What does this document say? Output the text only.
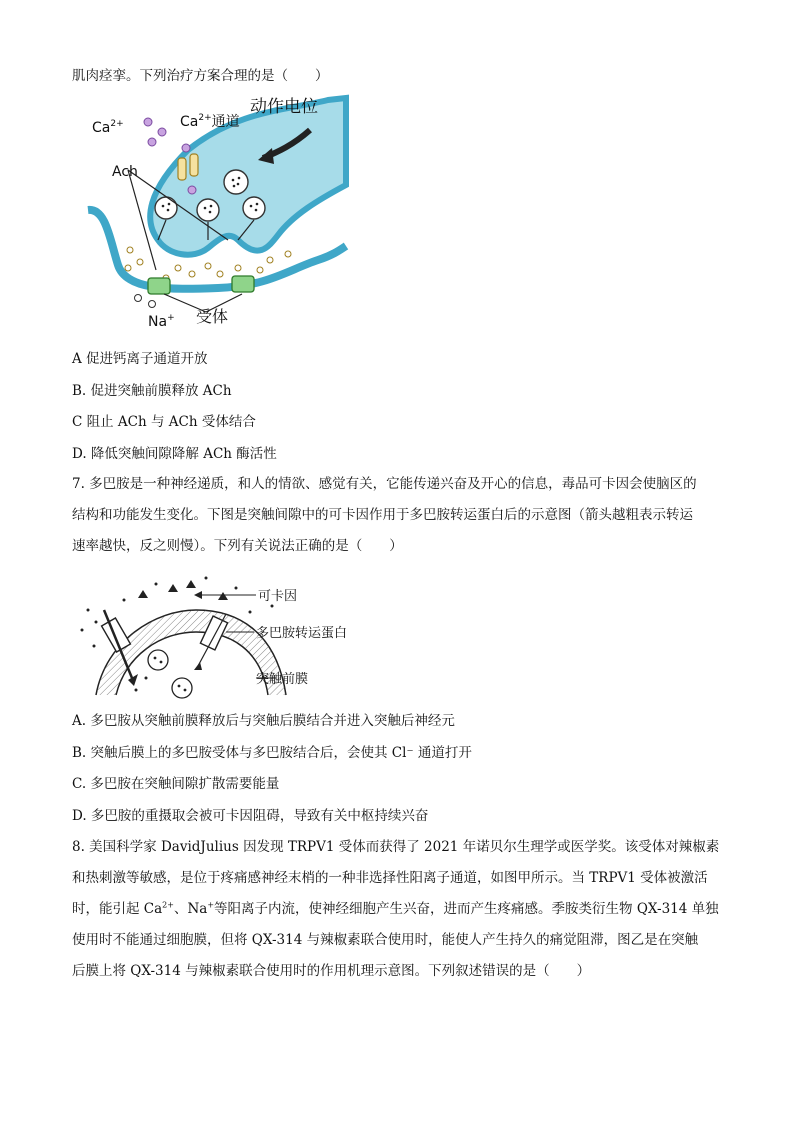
肌肉痉挛。下列治疗方案合理的是（　　）
$Ca^{2+}$	$Ca^{2+}$通道
动作电位
Ach
Na+ 受体
A 促进钙离子通道开放
B. 促进突触前膜释放 ACh
C 阻止 ACh 与 ACh 受体结合
D. 降低突触间隙降解 ACh 酶活性
7. 多巴胺是一种神经递质，和人的情欲、感觉有关，它能传递兴奋及开心的信息，毒品可卡因会使脑区的
结构和功能发生变化。下图是突触间隙中的可卡因作用于多巴胺转运蛋白后的示意图（箭头越粗表示转运
速率越快，反之则慢）。下列有关说法正确的是（　　）
可卡因
多巴胺转运蛋白
突触前膜
A. 多巴胺从突触前膜释放后与突触后膜结合并进入突触后神经元
B. 突触后膜上的多巴胺受体与多巴胺结合后，会使其 Cl⁻ 通道打开
C. 多巴胺在突触间隙扩散需要能量
D. 多巴胺的重摄取会被可卡因阻碍，导致有关中枢持续兴奋
8. 美国科学家 DavidJulius 因发现 TRPV1 受体而获得了 2021 年诺贝尔生理学或医学奖。该受体对辣椒素
和热刺激等敏感，是位于疼痛感神经末梢的一种非选择性阳离子通道，如图甲所示。当 TRPV1 受体被激活
时，能引起 $Ca^{2+}$、Na+等阳离子内流，使神经细胞产生兴奋，进而产生疼痛感。季胺类衍生物 QX-314 单独
使用时不能通过细胞膜，但将 QX-314 与辣椒素联合使用时，能使人产生持久的痛觉阻滞，图乙是在突触
后膜上将 QX-314 与辣椒素联合使用时的作用机理示意图。下列叙述错误的是（　　）
